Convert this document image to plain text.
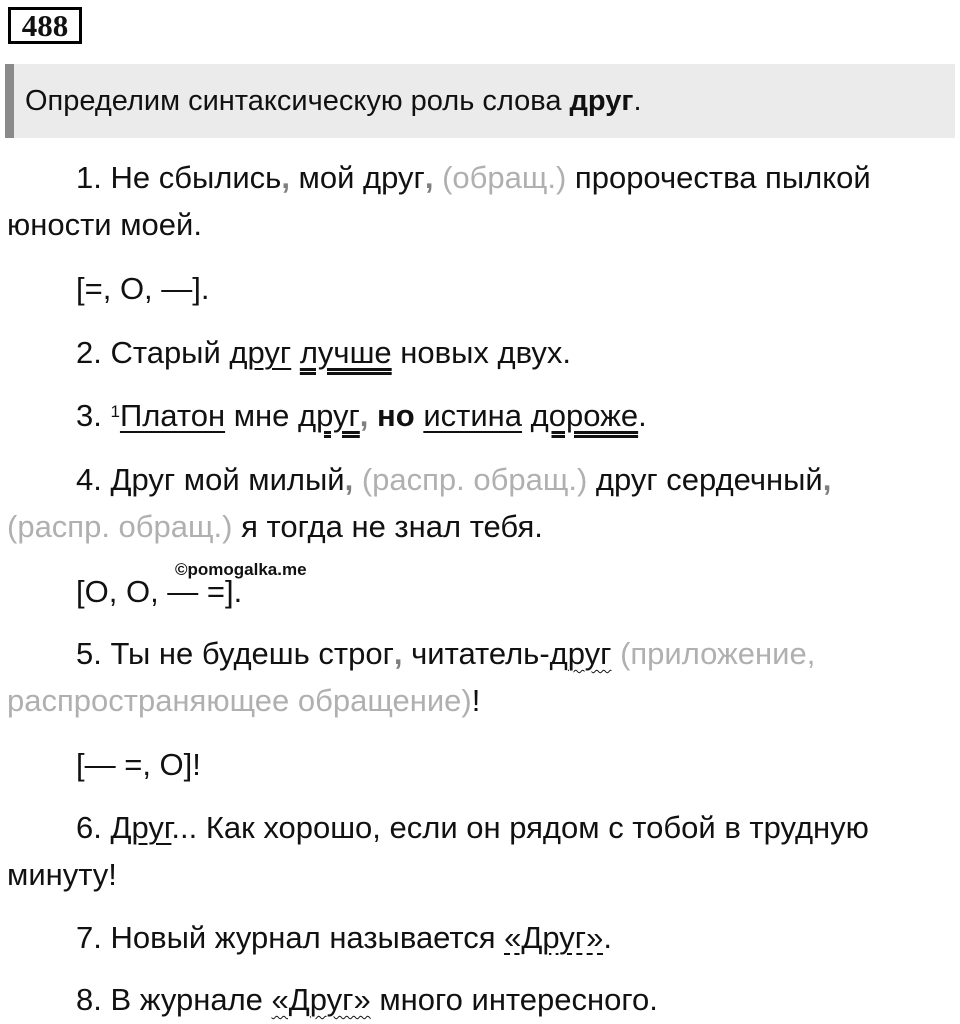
488
Определим синтаксическую роль слова друг.
1. Не сбылись, мой друг, (обращ.) пророчества пылкой
юности моей.
[=, О, —].
2. Старый друг лучше новых двух.
3. $^1$Платон мне друг, но истина дороже.
4. Друг мой милый, (распр. обращ.) друг сердечный,
(распр. обращ.) я тогда не знал тебя.
©pomogalka.me
[О, О, — =].
5. Ты не будешь строг, читатель-друг (приложение,
распространяющее обращение)!
[— =, О]!
6. Друг... Как хорошо, если он рядом с тобой в трудную
минуту!
7. Новый журнал называется «Друг».
8. В журнале «Друг» много интересного.
